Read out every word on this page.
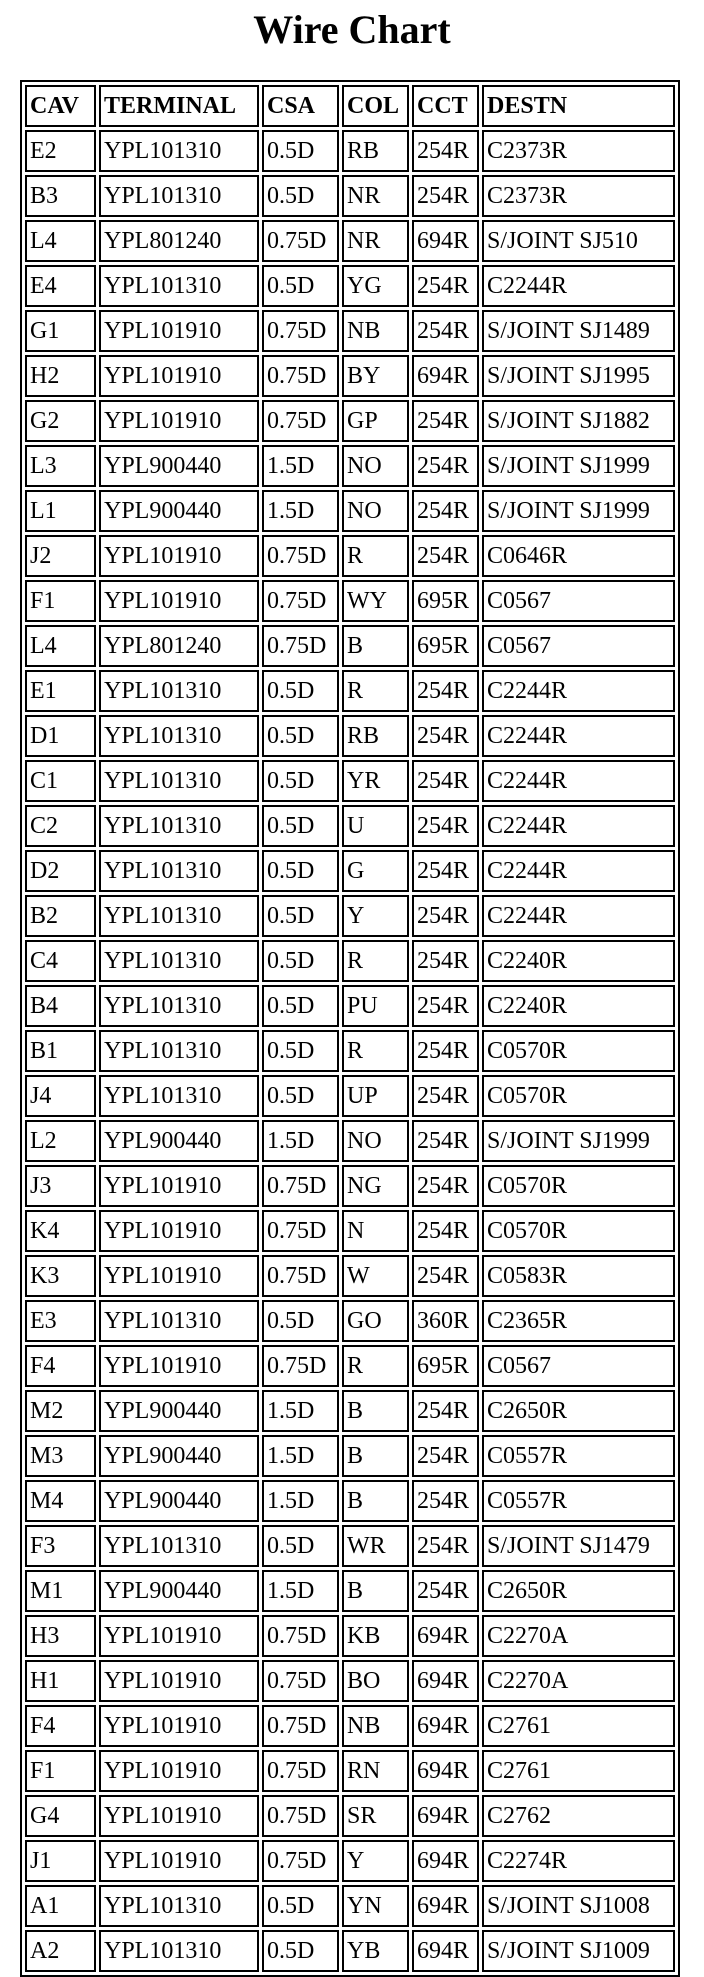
Wire Chart
CAV	TERMINAL	CSA	COL	CCT	DESTN
E2	YPL101310	0.5D	RB	254R	C2373R
B3	YPL101310	0.5D	NR	254R	C2373R
L4	YPL801240	0.75D	NR	694R	S/JOINT SJ510
E4	YPL101310	0.5D	YG	254R	C2244R
G1	YPL101910	0.75D	NB	254R	S/JOINT SJ1489
H2	YPL101910	0.75D	BY	694R	S/JOINT SJ1995
G2	YPL101910	0.75D	GP	254R	S/JOINT SJ1882
L3	YPL900440	1.5D	NO	254R	S/JOINT SJ1999
L1	YPL900440	1.5D	NO	254R	S/JOINT SJ1999
J2	YPL101910	0.75D	R	254R	C0646R
F1	YPL101910	0.75D	WY	695R	C0567
L4	YPL801240	0.75D	B	695R	C0567
E1	YPL101310	0.5D	R	254R	C2244R
D1	YPL101310	0.5D	RB	254R	C2244R
C1	YPL101310	0.5D	YR	254R	C2244R
C2	YPL101310	0.5D	U	254R	C2244R
D2	YPL101310	0.5D	G	254R	C2244R
B2	YPL101310	0.5D	Y	254R	C2244R
C4	YPL101310	0.5D	R	254R	C2240R
B4	YPL101310	0.5D	PU	254R	C2240R
B1	YPL101310	0.5D	R	254R	C0570R
J4	YPL101310	0.5D	UP	254R	C0570R
L2	YPL900440	1.5D	NO	254R	S/JOINT SJ1999
J3	YPL101910	0.75D	NG	254R	C0570R
K4	YPL101910	0.75D	N	254R	C0570R
K3	YPL101910	0.75D	W	254R	C0583R
E3	YPL101310	0.5D	GO	360R	C2365R
F4	YPL101910	0.75D	R	695R	C0567
M2	YPL900440	1.5D	B	254R	C2650R
M3	YPL900440	1.5D	B	254R	C0557R
M4	YPL900440	1.5D	B	254R	C0557R
F3	YPL101310	0.5D	WR	254R	S/JOINT SJ1479
M1	YPL900440	1.5D	B	254R	C2650R
H3	YPL101910	0.75D	KB	694R	C2270A
H1	YPL101910	0.75D	BO	694R	C2270A
F4	YPL101910	0.75D	NB	694R	C2761
F1	YPL101910	0.75D	RN	694R	C2761
G4	YPL101910	0.75D	SR	694R	C2762
J1	YPL101910	0.75D	Y	694R	C2274R
A1	YPL101310	0.5D	YN	694R	S/JOINT SJ1008
A2	YPL101310	0.5D	YB	694R	S/JOINT SJ1009
